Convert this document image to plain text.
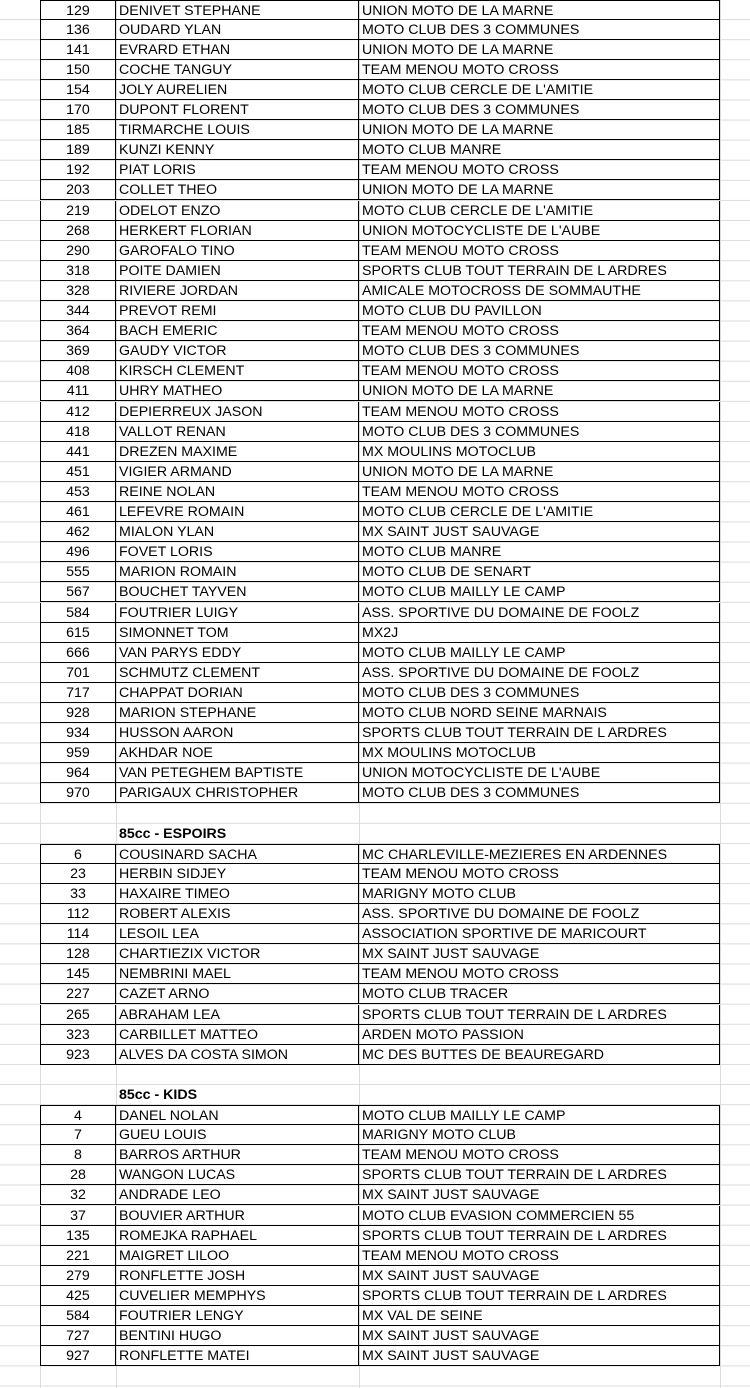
129	DENIVET STEPHANE	UNION MOTO DE LA MARNE
136	OUDARD YLAN	MOTO CLUB DES 3 COMMUNES
141	EVRARD ETHAN	UNION MOTO DE LA MARNE
150	COCHE TANGUY	TEAM MENOU MOTO CROSS
154	JOLY AURELIEN	MOTO CLUB CERCLE DE L'AMITIE
170	DUPONT FLORENT	MOTO CLUB DES 3 COMMUNES
185	TIRMARCHE LOUIS	UNION MOTO DE LA MARNE
189	KUNZI KENNY	MOTO CLUB MANRE
192	PIAT LORIS	TEAM MENOU MOTO CROSS
203	COLLET THEO	UNION MOTO DE LA MARNE
219	ODELOT ENZO	MOTO CLUB CERCLE DE L'AMITIE
268	HERKERT FLORIAN	UNION MOTOCYCLISTE DE L'AUBE
290	GAROFALO TINO	TEAM MENOU MOTO CROSS
318	POITE DAMIEN	SPORTS CLUB TOUT TERRAIN DE L ARDRES
328	RIVIERE JORDAN	AMICALE MOTOCROSS DE SOMMAUTHE
344	PREVOT REMI	MOTO CLUB DU PAVILLON
364	BACH EMERIC	TEAM MENOU MOTO CROSS
369	GAUDY VICTOR	MOTO CLUB DES 3 COMMUNES
408	KIRSCH CLEMENT	TEAM MENOU MOTO CROSS
411	UHRY MATHEO	UNION MOTO DE LA MARNE
412	DEPIERREUX JASON	TEAM MENOU MOTO CROSS
418	VALLOT RENAN	MOTO CLUB DES 3 COMMUNES
441	DREZEN MAXIME	MX MOULINS MOTOCLUB
451	VIGIER ARMAND	UNION MOTO DE LA MARNE
453	REINE NOLAN	TEAM MENOU MOTO CROSS
461	LEFEVRE ROMAIN	MOTO CLUB CERCLE DE L'AMITIE
462	MIALON YLAN	MX SAINT JUST SAUVAGE
496	FOVET LORIS	MOTO CLUB MANRE
555	MARION ROMAIN	MOTO CLUB DE SENART
567	BOUCHET TAYVEN	MOTO CLUB MAILLY LE CAMP
584	FOUTRIER LUIGY	ASS. SPORTIVE DU DOMAINE DE FOOLZ
615	SIMONNET TOM	MX2J
666	VAN PARYS EDDY	MOTO CLUB MAILLY LE CAMP
701	SCHMUTZ CLEMENT	ASS. SPORTIVE DU DOMAINE DE FOOLZ
717	CHAPPAT DORIAN	MOTO CLUB DES 3 COMMUNES
928	MARION STEPHANE	MOTO CLUB NORD SEINE MARNAIS
934	HUSSON AARON	SPORTS CLUB TOUT TERRAIN DE L ARDRES
959	AKHDAR NOE	MX MOULINS MOTOCLUB
964	VAN PETEGHEM BAPTISTE	UNION MOTOCYCLISTE DE L'AUBE
970	PARIGAUX CHRISTOPHER	MOTO CLUB DES 3 COMMUNES
85cc - ESPOIRS
6	COUSINARD SACHA	MC CHARLEVILLE-MEZIERES EN ARDENNES
23	HERBIN SIDJEY	TEAM MENOU MOTO CROSS
33	HAXAIRE TIMEO	MARIGNY MOTO CLUB
112	ROBERT ALEXIS	ASS. SPORTIVE DU DOMAINE DE FOOLZ
114	LESOIL LEA	ASSOCIATION SPORTIVE DE MARICOURT
128	CHARTIEZIX VICTOR	MX SAINT JUST SAUVAGE
145	NEMBRINI MAEL	TEAM MENOU MOTO CROSS
227	CAZET ARNO	MOTO CLUB TRACER
265	ABRAHAM LEA	SPORTS CLUB TOUT TERRAIN DE L ARDRES
323	CARBILLET MATTEO	ARDEN MOTO PASSION
923	ALVES DA COSTA SIMON	MC DES BUTTES DE BEAUREGARD
85cc - KIDS
4	DANEL NOLAN	MOTO CLUB MAILLY LE CAMP
7	GUEU LOUIS	MARIGNY MOTO CLUB
8	BARROS ARTHUR	TEAM MENOU MOTO CROSS
28	WANGON LUCAS	SPORTS CLUB TOUT TERRAIN DE L ARDRES
32	ANDRADE LEO	MX SAINT JUST SAUVAGE
37	BOUVIER ARTHUR	MOTO CLUB EVASION COMMERCIEN 55
135	ROMEJKA RAPHAEL	SPORTS CLUB TOUT TERRAIN DE L ARDRES
221	MAIGRET LILOO	TEAM MENOU MOTO CROSS
279	RONFLETTE JOSH	MX SAINT JUST SAUVAGE
425	CUVELIER MEMPHYS	SPORTS CLUB TOUT TERRAIN DE L ARDRES
584	FOUTRIER LENGY	MX VAL DE SEINE
727	BENTINI HUGO	MX SAINT JUST SAUVAGE
927	RONFLETTE MATEI	MX SAINT JUST SAUVAGE
